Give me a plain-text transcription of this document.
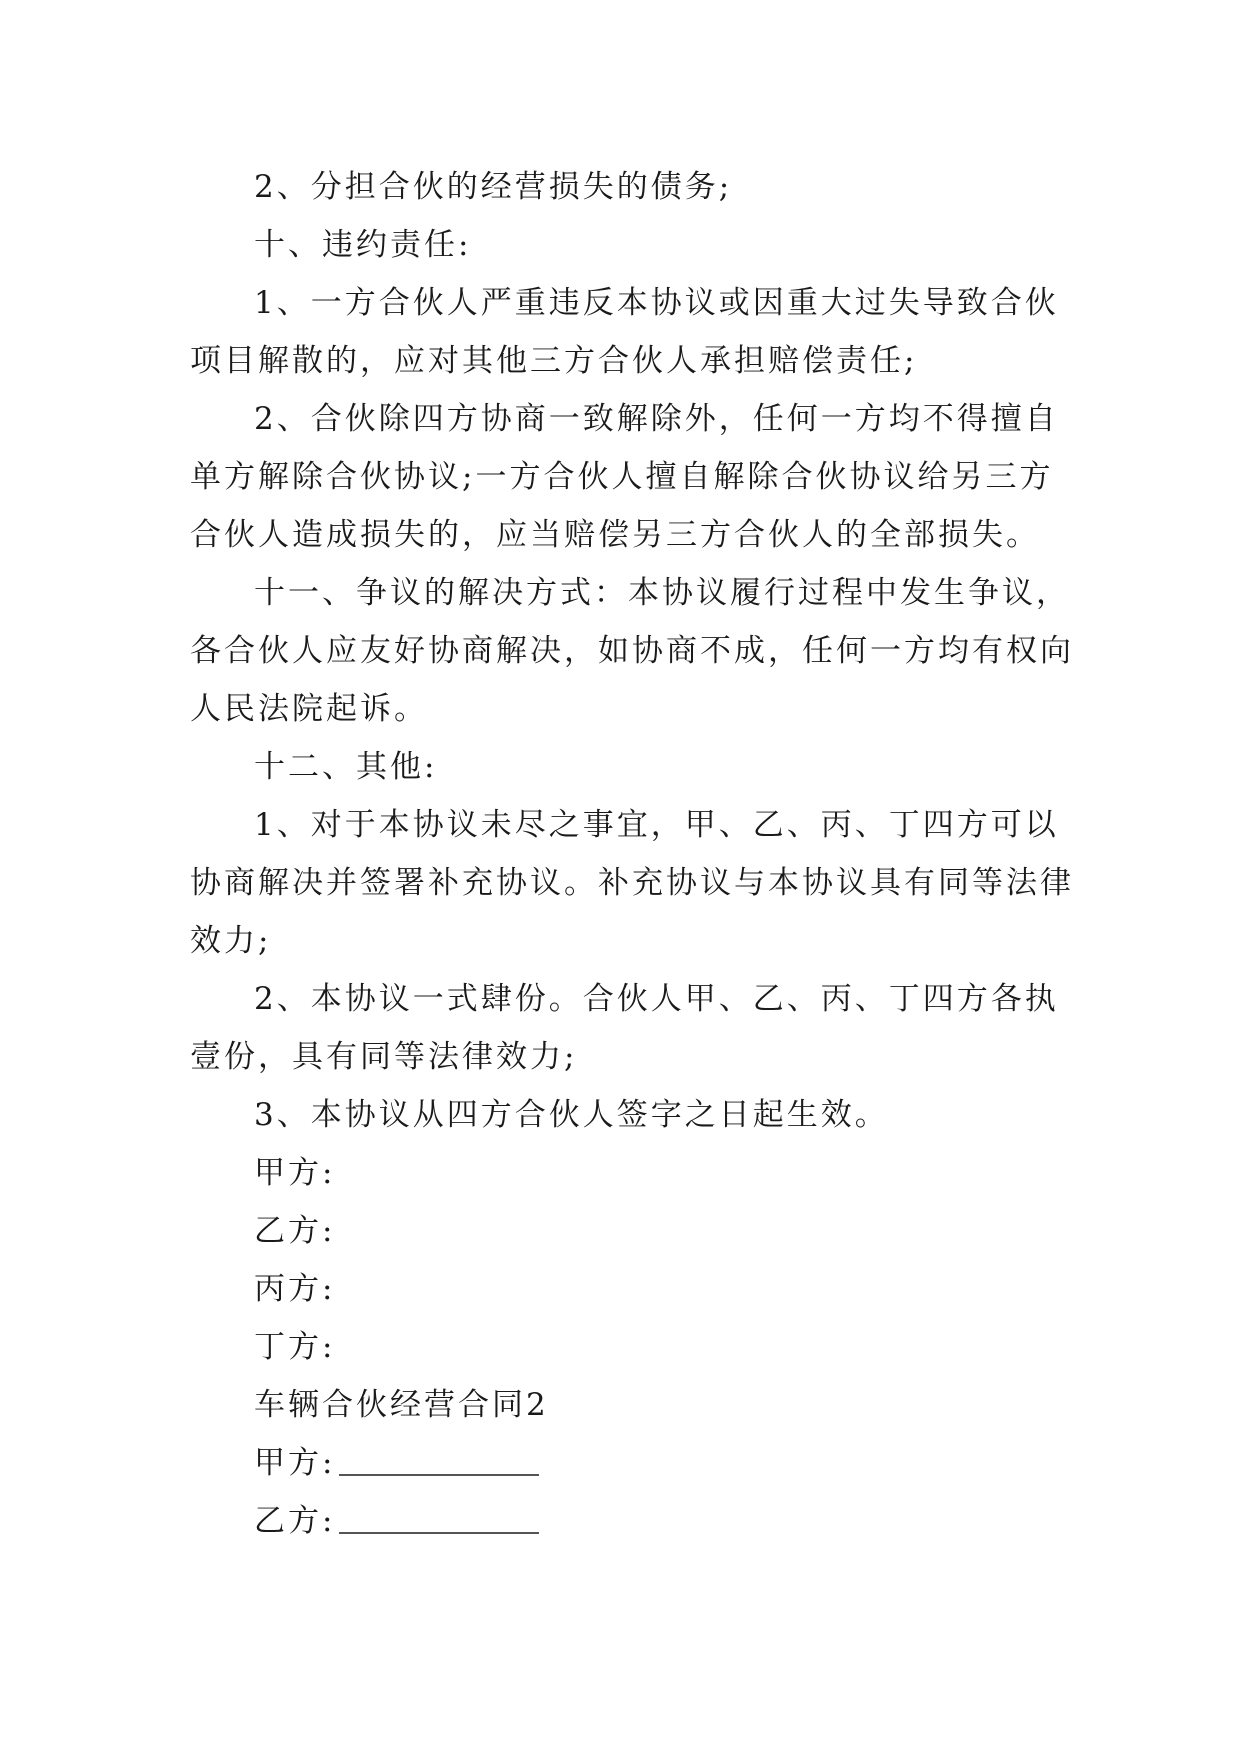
2、分担合伙的经营损失的债务;
十、违约责任:
1、一方合伙人严重违反本协议或因重大过失导致合伙
项目解散的，应对其他三方合伙人承担赔偿责任;
2、合伙除四方协商一致解除外，任何一方均不得擅自
单方解除合伙协议;一方合伙人擅自解除合伙协议给另三方
合伙人造成损失的，应当赔偿另三方合伙人的全部损失。
十一、争议的解决方式：本协议履行过程中发生争议，
各合伙人应友好协商解决，如协商不成，任何一方均有权向
人民法院起诉。
十二、其他:
1、对于本协议未尽之事宜，甲、乙、丙、丁四方可以
协商解决并签署补充协议。补充协议与本协议具有同等法律
效力;
2、本协议一式肆份。合伙人甲、乙、丙、丁四方各执
壹份，具有同等法律效力;
3、本协议从四方合伙人签字之日起生效。
甲方:
乙方:
丙方:
丁方:
车辆合伙经营合同2
甲方:
乙方:
